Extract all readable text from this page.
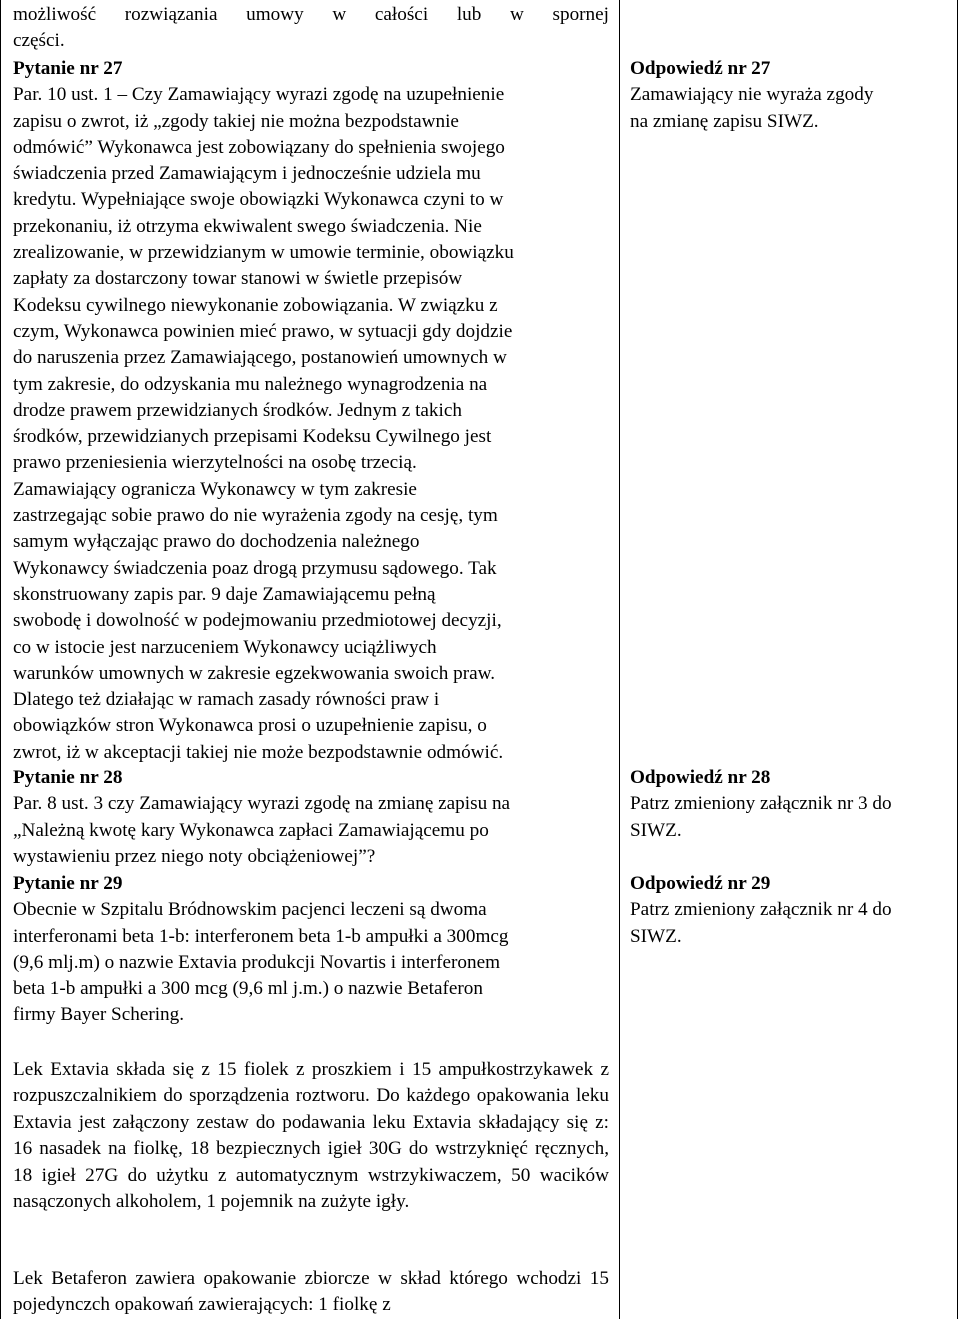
możliwość rozwiązania umowy w całości lub w spornej
części.
Pytanie nr 27
Par. 10 ust. 1 – Czy Zamawiający wyrazi zgodę na uzupełnienie
zapisu o zwrot, iż „zgody takiej nie można bezpodstawnie
odmówić” Wykonawca jest zobowiązany do spełnienia swojego
świadczenia przed Zamawiającym i jednocześnie udziela mu
kredytu. Wypełniające swoje obowiązki Wykonawca czyni to w
przekonaniu, iż otrzyma ekwiwalent swego świadczenia. Nie
zrealizowanie, w przewidzianym w umowie terminie, obowiązku
zapłaty za dostarczony towar stanowi w świetle przepisów
Kodeksu cywilnego niewykonanie zobowiązania. W związku z
czym, Wykonawca powinien mieć prawo, w sytuacji gdy dojdzie
do naruszenia przez Zamawiającego, postanowień umownych w
tym zakresie, do odzyskania mu należnego wynagrodzenia na
drodze prawem przewidzianych środków. Jednym z takich
środków, przewidzianych przepisami Kodeksu Cywilnego jest
prawo przeniesienia wierzytelności na osobę trzecią.
Zamawiający ogranicza Wykonawcy w tym zakresie
zastrzegając sobie prawo do nie wyrażenia zgody na cesję, tym
samym wyłączając prawo do dochodzenia należnego
Wykonawcy świadczenia poaz drogą przymusu sądowego. Tak
skonstruowany zapis par. 9 daje Zamawiającemu pełną
swobodę i dowolność w podejmowaniu przedmiotowej decyzji,
co w istocie jest narzuceniem Wykonawcy uciążliwych
warunków umownych w zakresie egzekwowania swoich praw.
Dlatego też działając w ramach zasady równości praw i
obowiązków stron Wykonawca prosi o uzupełnienie zapisu, o
zwrot, iż w akceptacji takiej nie może bezpodstawnie odmówić.
Odpowiedź nr 27
Zamawiający nie wyraża zgody
na zmianę zapisu SIWZ.
Pytanie nr 28
Par. 8 ust. 3 czy Zamawiający wyrazi zgodę na zmianę zapisu na
„Należną kwotę kary Wykonawca zapłaci Zamawiającemu po
wystawieniu przez niego noty obciążeniowej”?
Odpowiedź nr 28
Patrz zmieniony załącznik nr 3 do
SIWZ.
Pytanie nr 29
Obecnie w Szpitalu Bródnowskim pacjenci leczeni są dwoma
interferonami beta 1-b: interferonem beta 1-b ampułki a 300mcg
(9,6 mlj.m) o nazwie Extavia produkcji Novartis i interferonem
beta 1-b ampułki a 300 mcg (9,6 ml j.m.) o nazwie Betaferon
firmy Bayer Schering.
Odpowiedź nr 29
Patrz zmieniony załącznik nr 4 do
SIWZ.
Lek Extavia składa się z 15 fiolek z proszkiem i 15 ampułkostrzykawek z rozpuszczalnikiem do sporządzenia roztworu. Do każdego opakowania leku Extavia jest załączony zestaw do podawania leku Extavia składający się z: 16 nasadek na fiolkę, 18 bezpiecznych igieł 30G do wstrzyknięć ręcznych, 18 igieł 27G do użytku z automatycznym wstrzykiwaczem, 50 wacików nasączonych alkoholem, 1 pojemnik na zużyte igły.
Lek Betaferon zawiera opakowanie zbiorcze w skład którego wchodzi 15 pojedynczch opakowań zawierających: 1 fiolkę z
